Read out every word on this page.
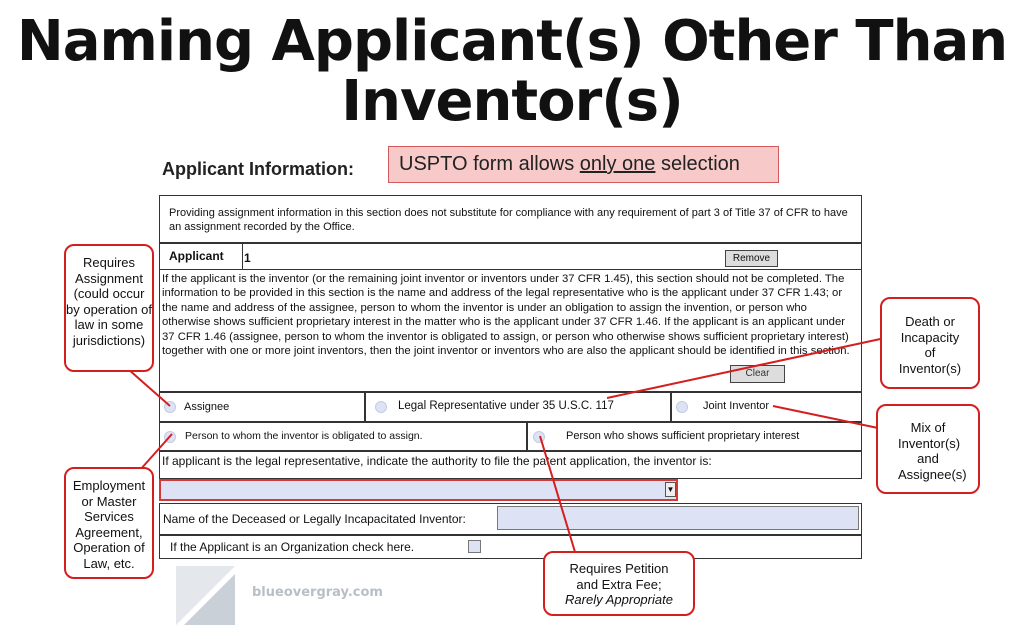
Naming Applicant(s) Other Than Inventor(s)
Applicant Information:	USPTO form allows only one selection
Providing assignment information in this section does not substitute for compliance with any requirement of part 3 of Title 37 of CFR to have an assignment recorded by the Office.
Applicant	1	Remove
If the applicant is the inventor (or the remaining joint inventor or inventors under 37 CFR 1.45), this section should not be completed. The information to be provided in this section is the name and address of the legal representative who is the applicant under 37 CFR 1.43; or the name and address of the assignee, person to whom the inventor is under an obligation to assign the invention, or person who otherwise shows sufficient proprietary interest in the matter who is the applicant under 37 CFR 1.46. If the applicant is an applicant under 37 CFR 1.46 (assignee, person to whom the inventor is obligated to assign, or person who otherwise shows sufficient proprietary interest) together with one or more joint inventors, then the joint inventor or inventors who are also the applicant should be identified in this section.
Clear
Assignee	Legal Representative under 35 U.S.C. 117	Joint Inventor
Person to whom the inventor is obligated to assign.	Person who shows sufficient proprietary interest
If applicant is the legal representative, indicate the authority to file the patent application, the inventor is:
▼
Name of the Deceased or Legally Incapacitated Inventor:
If the Applicant is an Organization check here.
Requires Assignment (could occur by operation of law in some jurisdictions)
Death or Incapacity of Inventor(s)
Mix of Inventor(s) and Assignee(s)
Employment or Master Services Agreement, Operation of Law, etc.	Requires Petition and Extra Fee;
Rarely Appropriate
blueovergray.com
